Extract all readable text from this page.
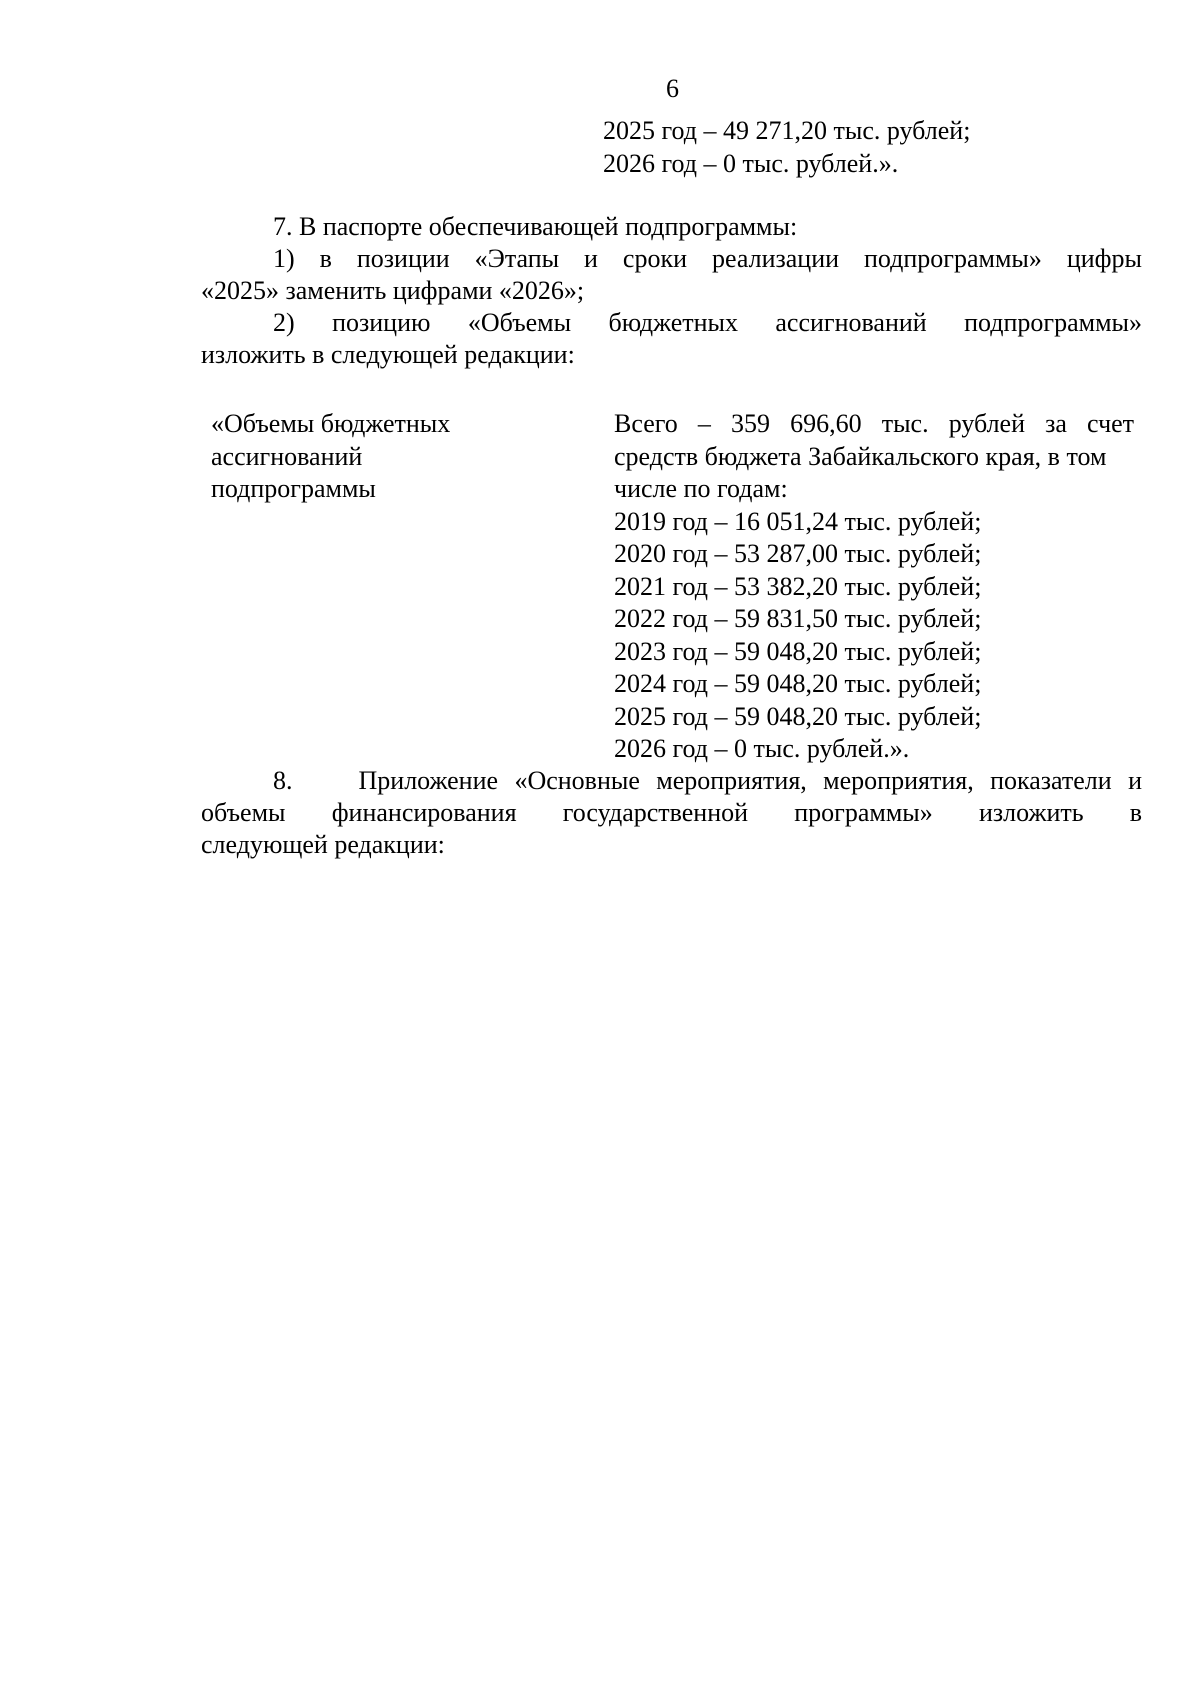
6
2025 год – 49 271,20 тыс. рублей;
2026 год – 0 тыс. рублей.».
7. В паспорте обеспечивающей подпрограммы:
1) в позиции «Этапы и сроки реализации подпрограммы» цифры
«2025» заменить цифрами «2026»;
2) позицию «Объемы бюджетных ассигнований подпрограммы»
изложить в следующей редакции:
«Объемы бюджетных
ассигнований
подпрограммы
Всего – 359 696,60 тыс. рублей за счет
средств бюджета Забайкальского края, в том
числе по годам:
2019 год – 16 051,24 тыс. рублей;
2020 год – 53 287,00 тыс. рублей;
2021 год – 53 382,20 тыс. рублей;
2022 год – 59 831,50 тыс. рублей;
2023 год – 59 048,20 тыс. рублей;
2024 год – 59 048,20 тыс. рублей;
2025 год – 59 048,20 тыс. рублей;
2026 год – 0 тыс. рублей.».
8.	Приложение «Основные мероприятия, мероприятия, показатели и
объемы финансирования государственной программы» изложить в
следующей редакции:
